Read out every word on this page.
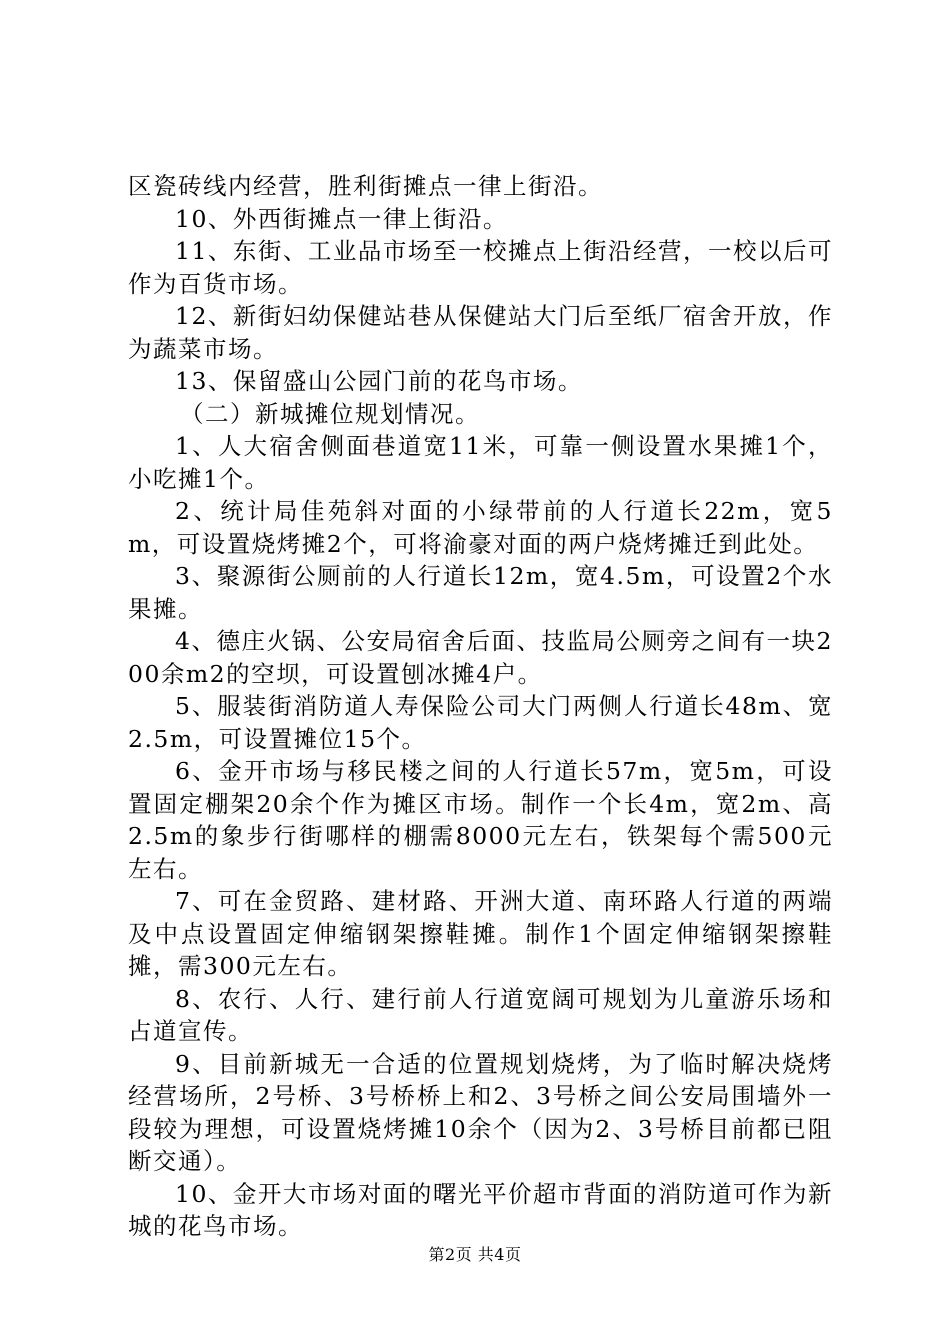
区瓷砖线内经营，胜利街摊点一律上街沿。

10、外西街摊点一律上街沿。

11、东街、工业品市场至一校摊点上街沿经营，一校以后可作为百货市场。

12、新街妇幼保健站巷从保健站大门后至纸厂宿舍开放，作为蔬菜市场。

13、保留盛山公园门前的花鸟市场。

（二）新城摊位规划情况。

1、人大宿舍侧面巷道宽11米，可靠一侧设置水果摊1个，小吃摊1个。

2、统计局佳苑斜对面的小绿带前的人行道长22m，宽5m，可设置烧烤摊2个，可将渝豪对面的两户烧烤摊迁到此处。

3、聚源街公厕前的人行道长12m，宽4.5m，可设置2个水果摊。

4、德庄火锅、公安局宿舍后面、技监局公厕旁之间有一块200余m2的空坝，可设置刨冰摊4户。

5、服装街消防道人寿保险公司大门两侧人行道长48m、宽2.5m，可设置摊位15个。

6、金开市场与移民楼之间的人行道长57m，宽5m，可设置固定棚架20余个作为摊区市场。制作一个长4m，宽2m、高2.5m的象步行街哪样的棚需8000元左右，铁架每个需500元左右。

7、可在金贸路、建材路、开洲大道、南环路人行道的两端及中点设置固定伸缩钢架擦鞋摊。制作1个固定伸缩钢架擦鞋摊，需300元左右。

8、农行、人行、建行前人行道宽阔可规划为儿童游乐场和占道宣传。

9、目前新城无一合适的位置规划烧烤，为了临时解决烧烤经营场所，2号桥、3号桥桥上和2、3号桥之间公安局围墙外一段较为理想，可设置烧烤摊10余个（因为2、3号桥目前都已阻断交通）。

10、金开大市场对面的曙光平价超市背面的消防道可作为新城的花鸟市场。

第2页 共4页
